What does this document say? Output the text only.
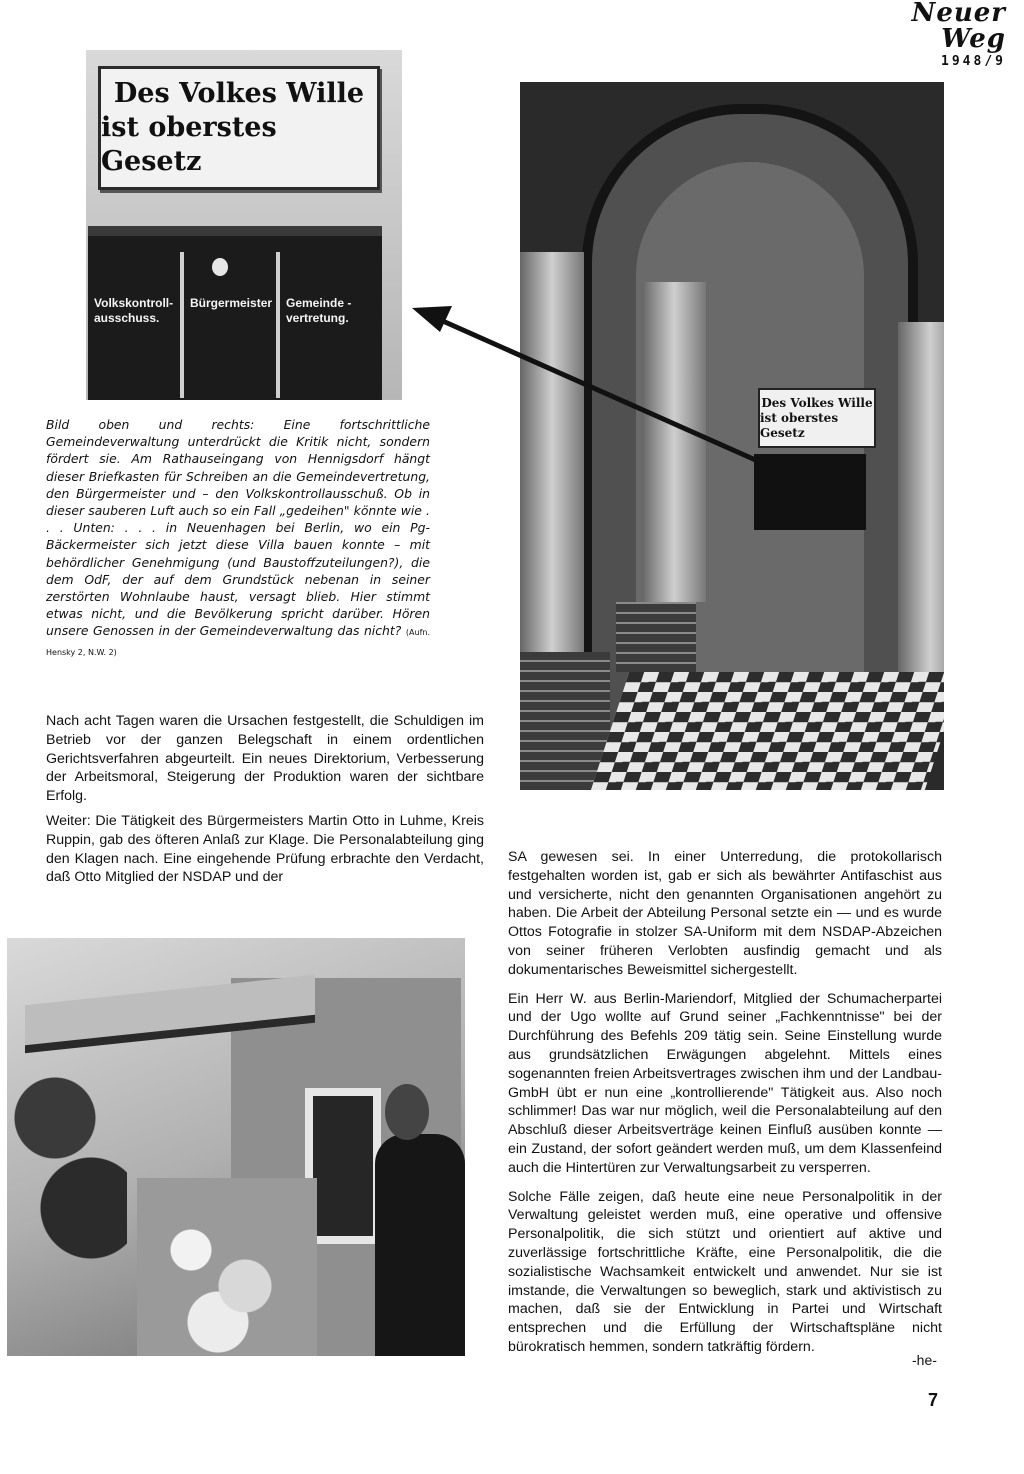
Neuer Weg
1948/9
Des Volkes Wille
ist oberstes Gesetz
Volkskontroll-
ausschuss.
Bürgermeister Gemeinde -
vertretung.
Des Volkes Wille
ist oberstes Gesetz
Bild oben und rechts: Eine fortschrittliche Gemeindeverwaltung unterdrückt die Kritik nicht, sondern fördert sie. Am Rathauseingang von Hennigsdorf hängt dieser Briefkasten für Schreiben an die Gemeindevertretung, den Bürgermeister und – den Volkskontrollausschuß. Ob in dieser sauberen Luft auch so ein Fall „gedeihen" könnte wie . . . Unten: . . . in Neuenhagen bei Berlin, wo ein Pg-Bäckermeister sich jetzt diese Villa bauen konnte – mit behördlicher Genehmigung (und Baustoffzuteilungen?), die dem OdF, der auf dem Grundstück nebenan in seiner zerstörten Wohnlaube haust, versagt blieb. Hier stimmt etwas nicht, und die Bevölkerung spricht darüber. Hören unsere Genossen in der Gemeindeverwaltung das nicht? (Aufn. Hensky 2, N.W. 2)

Nach acht Tagen waren die Ursachen festgestellt, die Schuldigen im Betrieb vor der ganzen Belegschaft in einem ordentlichen Gerichtsverfahren abgeurteilt. Ein neues Direktorium, Verbesserung der Arbeitsmoral, Steigerung der Produktion waren der sichtbare Erfolg.

Weiter: Die Tätigkeit des Bürgermeisters Martin Otto in Luhme, Kreis Ruppin, gab des öfteren Anlaß zur Klage. Die Personalabteilung ging den Klagen nach. Eine eingehende Prüfung erbrachte den Verdacht, daß Otto Mitglied der NSDAP und der

SA gewesen sei. In einer Unterredung, die protokollarisch festgehalten worden ist, gab er sich als bewährter Antifaschist aus und versicherte, nicht den genannten Organisationen angehört zu haben. Die Arbeit der Abteilung Personal setzte ein — und es wurde Ottos Fotografie in stolzer SA-Uniform mit dem NSDAP-Abzeichen von seiner früheren Verlobten ausfindig gemacht und als dokumentarisches Beweismittel sichergestellt.

Ein Herr W. aus Berlin-Mariendorf, Mitglied der Schumacherpartei und der Ugo wollte auf Grund seiner „Fachkenntnisse" bei der Durchführung des Befehls 209 tätig sein. Seine Einstellung wurde aus grundsätzlichen Erwägungen abgelehnt. Mittels eines sogenannten freien Arbeitsvertrages zwischen ihm und der Landbau-GmbH übt er nun eine „kontrollierende" Tätigkeit aus. Also noch schlimmer! Das war nur möglich, weil die Personalabteilung auf den Abschluß dieser Arbeitsverträge keinen Einfluß ausüben konnte — ein Zustand, der sofort geändert werden muß, um dem Klassenfeind auch die Hintertüren zur Verwaltungsarbeit zu versperren.

Solche Fälle zeigen, daß heute eine neue Personalpolitik in der Verwaltung geleistet werden muß, eine operative und offensive Personalpolitik, die sich stützt und orientiert auf aktive und zuverlässige fortschrittliche Kräfte, eine Personalpolitik, die die sozialistische Wachsamkeit entwickelt und anwendet. Nur sie ist imstande, die Verwaltungen so beweglich, stark und aktivistisch zu machen, daß sie der Entwicklung in Partei und Wirtschaft entsprechen und die Erfüllung der Wirtschaftspläne nicht bürokratisch hemmen, sondern tatkräftig fördern.

-he-
7
